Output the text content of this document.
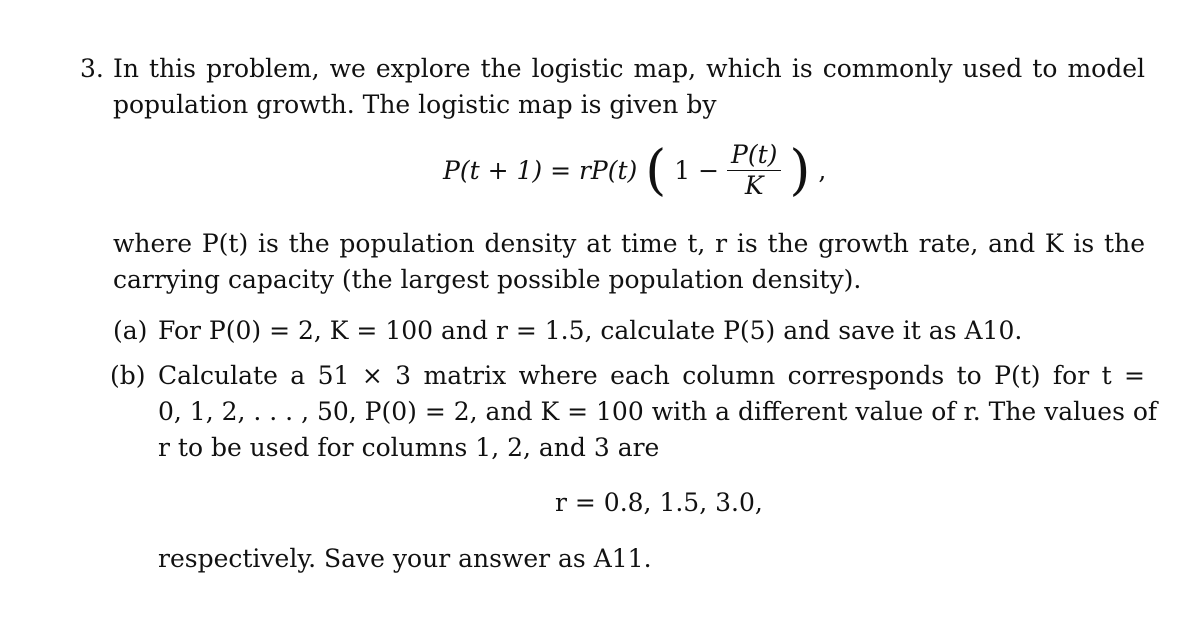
3. In this problem, we explore the logistic map, which is commonly used to model
population growth. The logistic map is given by
P(t + 1) = rP(t) ( $1 - \frac{P(t)}{K}$ ) ,
where P(t) is the population density at time t, r is the growth rate, and K is the
carrying capacity (the largest possible population density).
(a) For P(0) = 2, K = 100 and r = 1.5, calculate P(5) and save it as A10.
(b) Calculate a 51 × 3 matrix where each column corresponds to P(t) for t =
0, 1, 2, . . . , 50, P(0) = 2, and K = 100 with a different value of r. The values of
r to be used for columns 1, 2, and 3 are
r = 0.8, 1.5, 3.0,
respectively. Save your answer as A11.
